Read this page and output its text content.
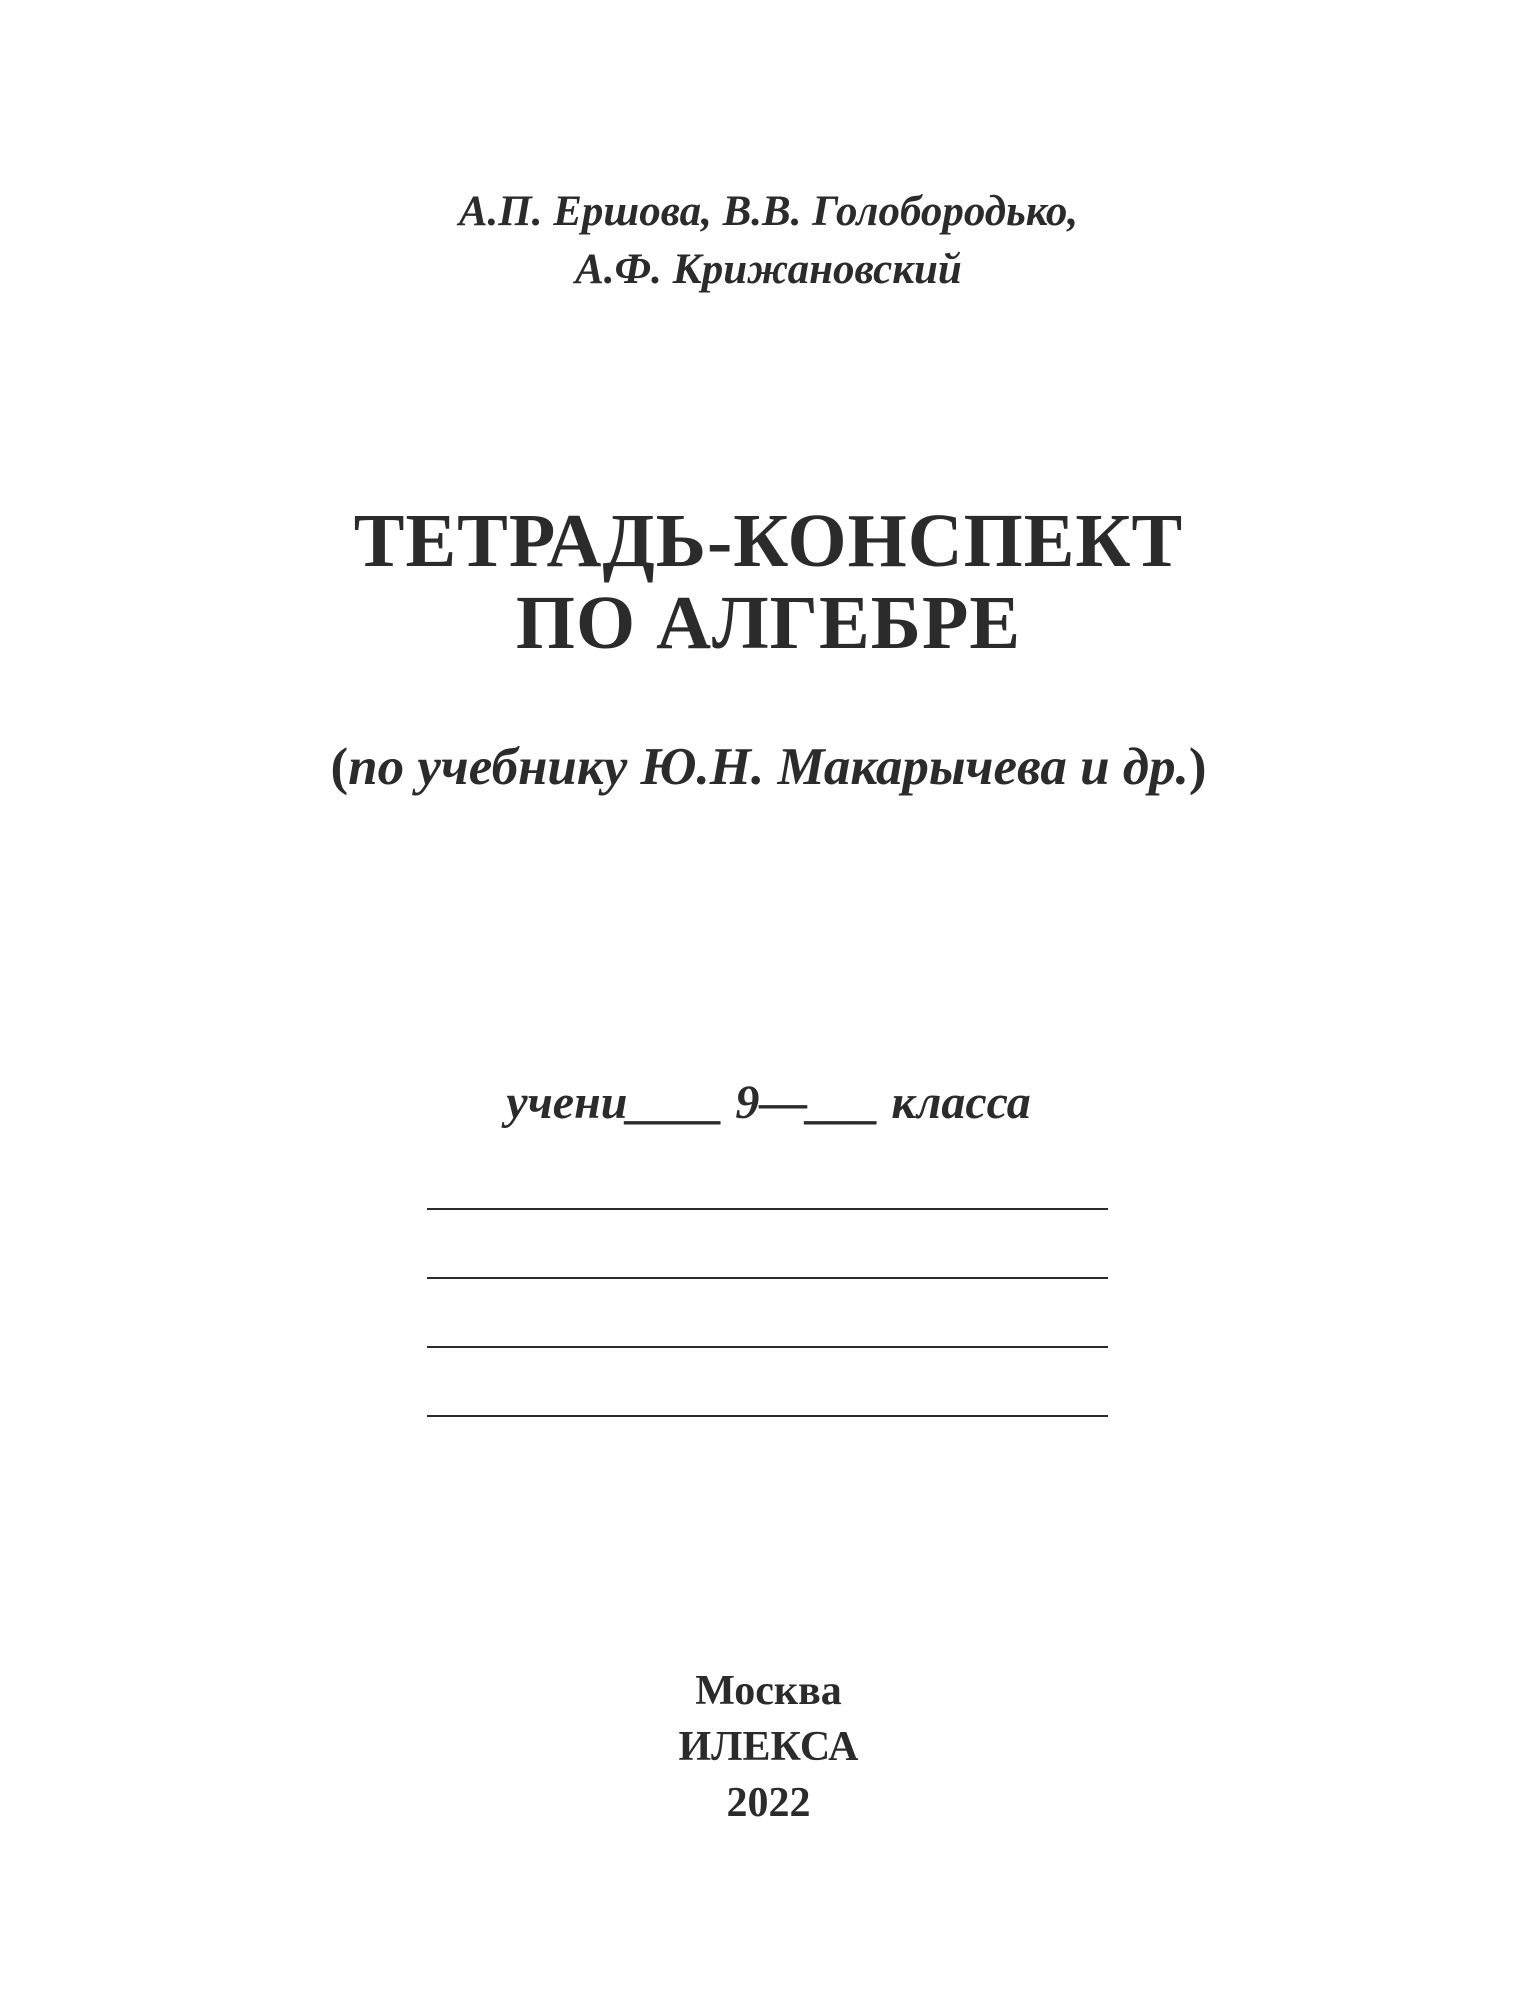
А.П. Ершова, В.В. Голобородько,
А.Ф. Крижановский
ТЕТРАДЬ-КОНСПЕКТ
ПО АЛГЕБРЕ
(по учебнику Ю.Н. Макарычева и др.)
учени____ 9—___ класса
Москва
ИЛЕКСА
2022
